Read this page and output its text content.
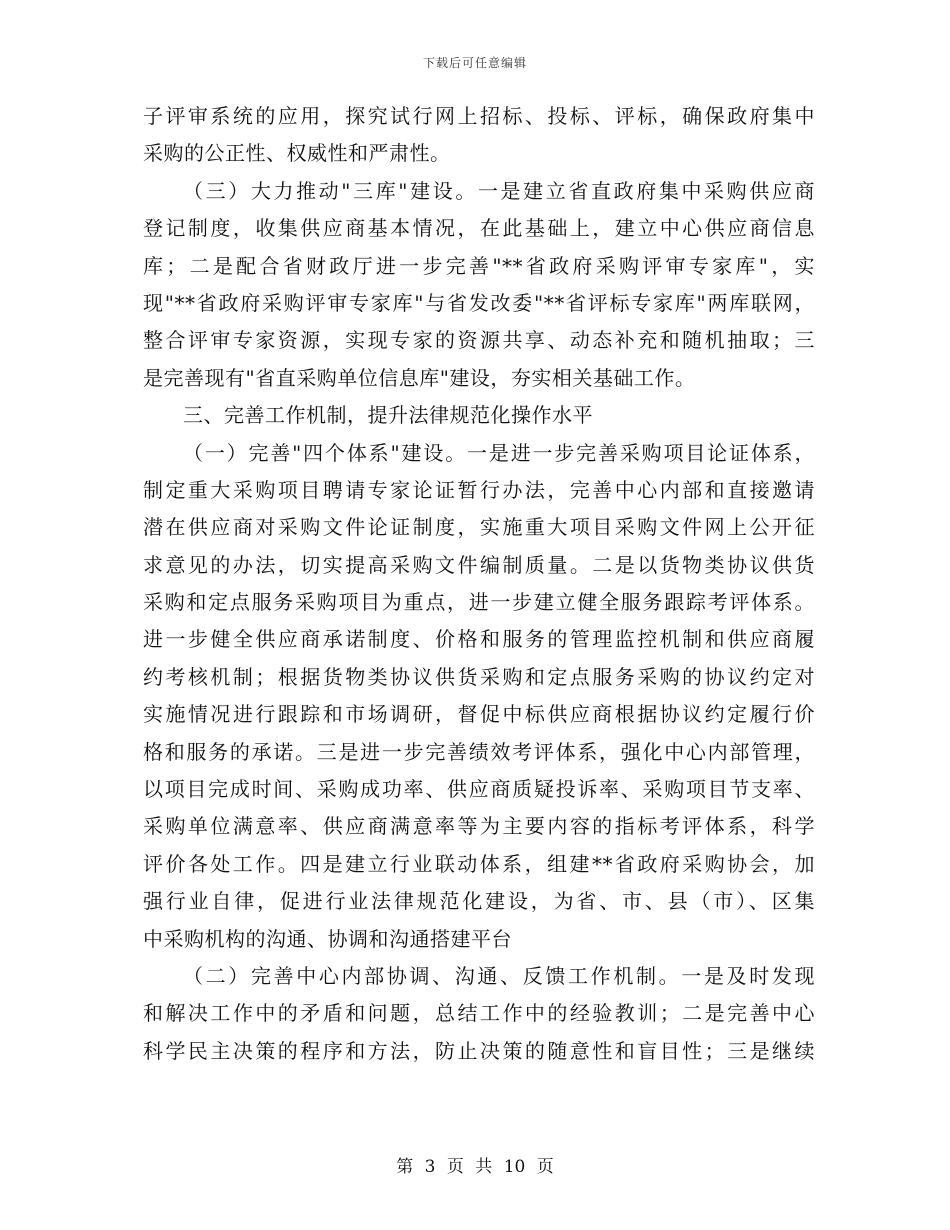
下载后可任意编辑
子评审系统的应用，探究试行网上招标、投标、评标，确保政府集中
采购的公正性、权威性和严肃性。
（三）大力推动"三库"建设。一是建立省直政府集中采购供应商
登记制度，收集供应商基本情况，在此基础上，建立中心供应商信息
库；二是配合省财政厅进一步完善"**省政府采购评审专家库"，实
现"**省政府采购评审专家库"与省发改委"**省评标专家库"两库联网，
整合评审专家资源，实现专家的资源共享、动态补充和随机抽取；三
是完善现有"省直采购单位信息库"建设，夯实相关基础工作。
三、完善工作机制，提升法律规范化操作水平
（一）完善"四个体系"建设。一是进一步完善采购项目论证体系，
制定重大采购项目聘请专家论证暂行办法，完善中心内部和直接邀请
潜在供应商对采购文件论证制度，实施重大项目采购文件网上公开征
求意见的办法，切实提高采购文件编制质量。二是以货物类协议供货
采购和定点服务采购项目为重点，进一步建立健全服务跟踪考评体系。
进一步健全供应商承诺制度、价格和服务的管理监控机制和供应商履
约考核机制；根据货物类协议供货采购和定点服务采购的协议约定对
实施情况进行跟踪和市场调研，督促中标供应商根据协议约定履行价
格和服务的承诺。三是进一步完善绩效考评体系，强化中心内部管理，
以项目完成时间、采购成功率、供应商质疑投诉率、采购项目节支率、
采购单位满意率、供应商满意率等为主要内容的指标考评体系，科学
评价各处工作。四是建立行业联动体系，组建**省政府采购协会，加
强行业自律，促进行业法律规范化建设，为省、市、县（市）、区集
中采购机构的沟通、协调和沟通搭建平台
（二）完善中心内部协调、沟通、反馈工作机制。一是及时发现
和解决工作中的矛盾和问题，总结工作中的经验教训；二是完善中心
科学民主决策的程序和方法，防止决策的随意性和盲目性；三是继续
第 3 页 共 10 页
